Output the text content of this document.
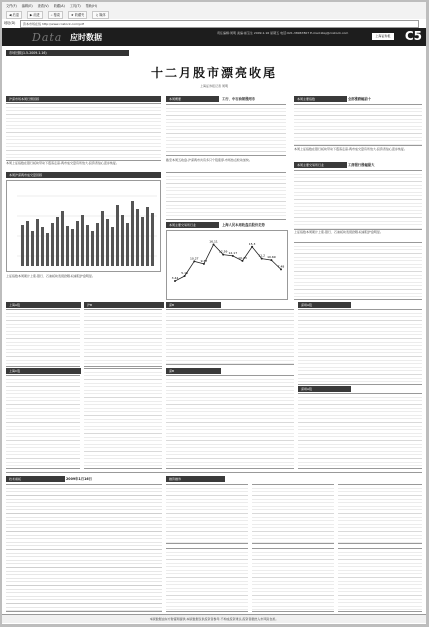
文件(F) 编辑(E) 查看(V) 收藏(A) 工具(T) 帮助(H)
◀ 后退	▶ 前进	⌕ 搜索	★ 收藏夹	♫ 媒体
地址(D)	资本市场在线 http://www.cnstock.com/pdf
Data 应时数据	责任编辑:周明 美编:崔宝生 2009.1.16 星期五 电话:021-38967807 E-mail:zbsj@cnstock.com
上海证券报 C5
市场回顾(1.5-2009.1.16)
十二月股市漂亮收尾
上海证券报记者 周明
沪深市场本周行情回顾
本周上证指数在银行板块带动下震荡走高,两市成交量有所放大,投资者信心逐步恢复。
本周沪深两市成交量回顾
上证指数本周累计上涨,银行、石油板块表现抢眼,权重股护盘明显。
上海A股	沪B
上海C股
本周概要	工行、中石油领涨两市
截至本周五收盘,沪深两市共有多只个股涨停,市场热点轮动加快。
本周主要交易所行业	上海人民本周收盘后股价走势
3.44
5.19
10.27
9.37
16.11
12.59 12.17
10.43
15.3
11.2 10.69
7.48
本周主要指数	全部涨跌幅前十
本周上证指数在银行板块带动下震荡走高,两市成交量有所放大,投资者信心逐步恢复。
本周主要交易所行业	工商银行涨幅最大
上证指数本周累计上涨,银行、石油板块表现抢眼,权重股护盘明显。
深B	深圳A股
深B
深圳A股
技术看板	2009年1月16日	融资融券
本版数据由东方财富网提供,本版数据仅供投资者参考,不构成投资建议,投资者据此入市风险自担。
